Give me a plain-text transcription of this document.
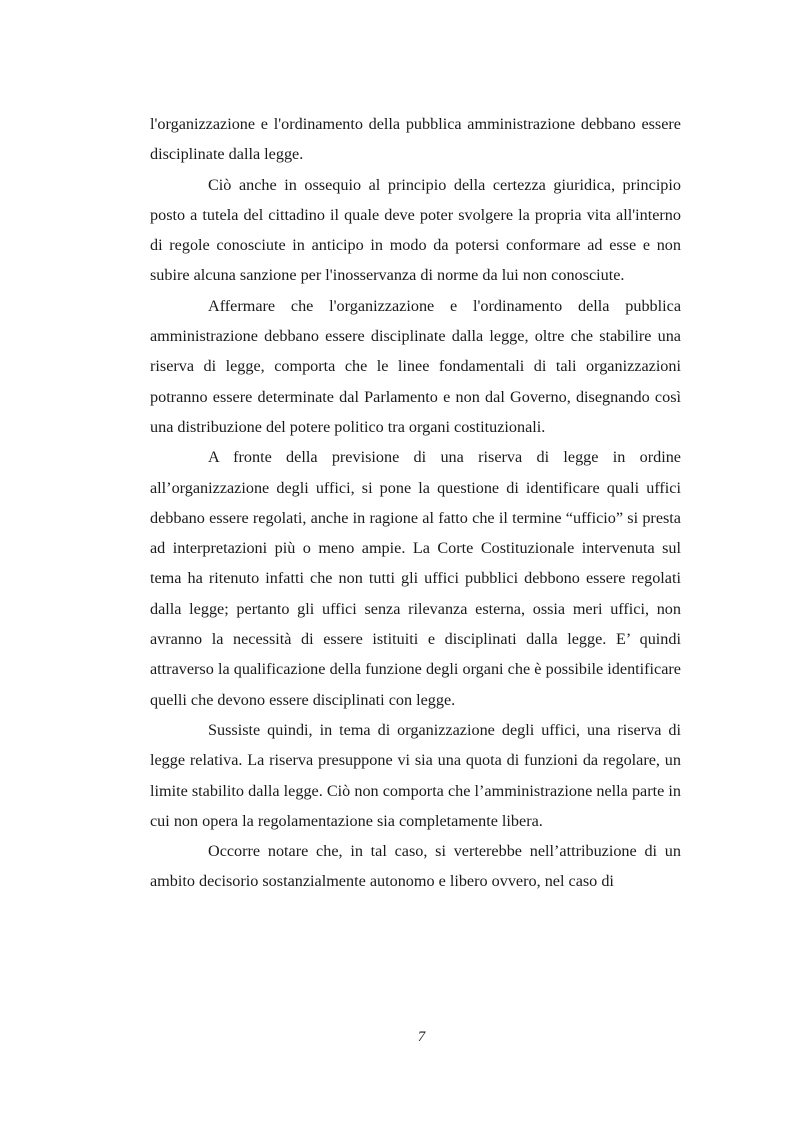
l'organizzazione e l'ordinamento della pubblica amministrazione debbano essere disciplinate dalla legge.

Ciò anche in ossequio al principio della certezza giuridica, principio posto a tutela del cittadino il quale deve poter svolgere la propria vita all'interno di regole conosciute in anticipo in modo da potersi conformare ad esse e non subire alcuna sanzione per l'inosservanza di norme da lui non conosciute.

Affermare che l'organizzazione e l'ordinamento della pubblica amministrazione debbano essere disciplinate dalla legge, oltre che stabilire una riserva di legge, comporta che le linee fondamentali di tali organizzazioni potranno essere determinate dal Parlamento e non dal Governo, disegnando così una distribuzione del potere politico tra organi costituzionali.

A fronte della previsione di una riserva di legge in ordine all’organizzazione degli uffici, si pone la questione di identificare quali uffici debbano essere regolati, anche in ragione al fatto che il termine “ufficio” si presta ad interpretazioni più o meno ampie. La Corte Costituzionale intervenuta sul tema ha ritenuto infatti che non tutti gli uffici pubblici debbono essere regolati dalla legge; pertanto gli uffici senza rilevanza esterna, ossia meri uffici, non avranno la necessità di essere istituiti e disciplinati dalla legge. E’ quindi attraverso la qualificazione della funzione degli organi che è possibile identificare quelli che devono essere disciplinati con legge.

Sussiste quindi, in tema di organizzazione degli uffici, una riserva di legge relativa. La riserva presuppone vi sia una quota di funzioni da regolare, un limite stabilito dalla legge. Ciò non comporta che l’amministrazione nella parte in cui non opera la regolamentazione sia completamente libera.

Occorre notare che, in tal caso, si verterebbe nell’attribuzione di un ambito decisorio sostanzialmente autonomo e libero ovvero, nel caso di

7
